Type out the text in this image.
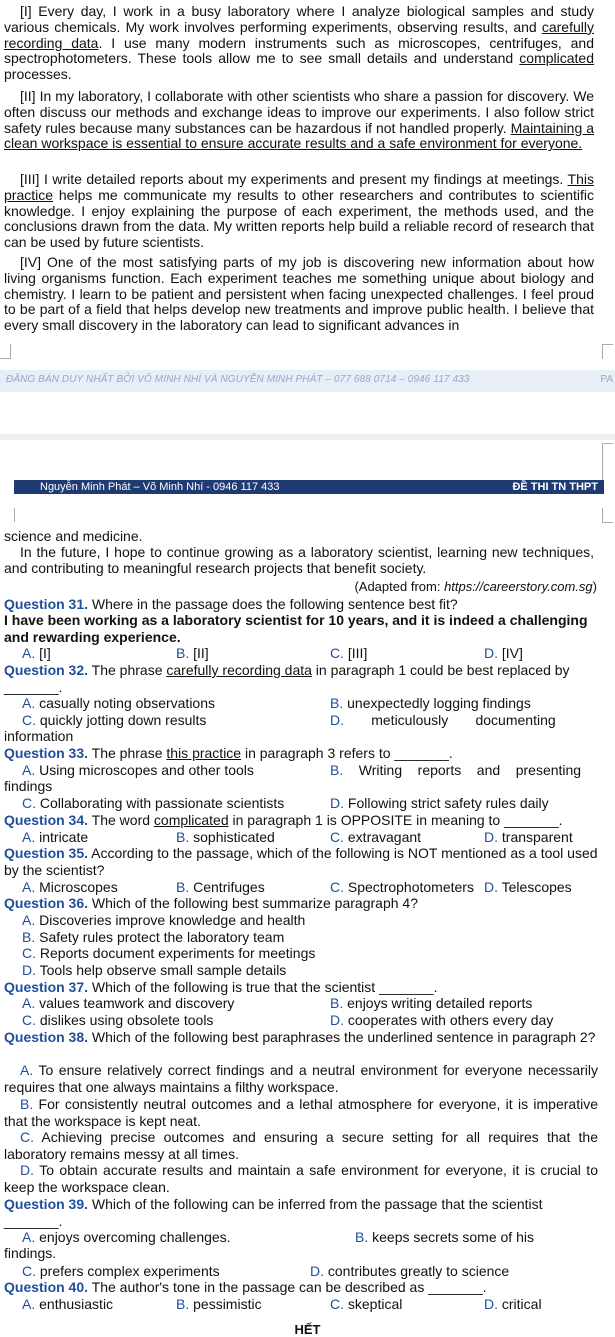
[I] Every day, I work in a busy laboratory where I analyze biological samples and study various chemicals. My work involves performing experiments, observing results, and carefully recording data. I use many modern instruments such as microscopes, centrifuges, and spectrophotometers. These tools allow me to see small details and understand complicated processes.

[II] In my laboratory, I collaborate with other scientists who share a passion for discovery. We often discuss our methods and exchange ideas to improve our experiments. I also follow strict safety rules because many substances can be hazardous if not handled properly. Maintaining a clean workspace is essential to ensure accurate results and a safe environment for everyone.

[III] I write detailed reports about my experiments and present my findings at meetings. This practice helps me communicate my results to other researchers and contributes to scientific knowledge. I enjoy explaining the purpose of each experiment, the methods used, and the conclusions drawn from the data. My written reports help build a reliable record of research that can be used by future scientists.

[IV] One of the most satisfying parts of my job is discovering new information about how living organisms function. Each experiment teaches me something unique about biology and chemistry. I learn to be patient and persistent when facing unexpected challenges. I feel proud to be part of a field that helps develop new treatments and improve public health. I believe that every small discovery in the laboratory can lead to significant advances in

ĐĂNG BÁN DUY NHẤT BỞI VÕ MINH NHÍ VÀ NGUYỄN MINH PHÁT – 077 688 0714 – 0946 117 433	PA
Nguyễn Minh Phát – Võ Minh Nhí - 0946 117 433	ĐỀ THI TN THPT

science and medicine.

In the future, I hope to continue growing as a laboratory scientist, learning new techniques, and contributing to meaningful research projects that benefit society.

(Adapted from: https://careerstory.com.sg)

Question 31. Where in the passage does the following sentence best fit?

I have been working as a laboratory scientist for 10 years, and it is indeed a challenging and rewarding experience.

A. [I]	B. [II]	C. [III]	D. [IV]

Question 32. The phrase carefully recording data in paragraph 1 could be best replaced by
_______.

A. casually noting observations	B. unexpectedly logging findings
C. quickly jotting down results	D.       meticulously       documenting
information

Question 33. The phrase this practice in paragraph 3 refers to _______.

A. Using microscopes and other tools	B.    Writing    reports    and    presenting
findings
C. Collaborating with passionate scientists	D. Following strict safety rules daily

Question 34. The word complicated in paragraph 1 is OPPOSITE in meaning to _______.

A. intricate	B. sophisticated	C. extravagant	D. transparent

Question 35. According to the passage, which of the following is NOT mentioned as a tool used by the scientist?

A. Microscopes	B. Centrifuges	C. Spectrophotometers D. Telescopes

Question 36. Which of the following best summarize paragraph 4?

A. Discoveries improve knowledge and health
B. Safety rules protect the laboratory team
C. Reports document experiments for meetings
D. Tools help observe small sample details

Question 37. Which of the following is true that the scientist _______.

A. values teamwork and discovery	B. enjoys writing detailed reports
C. dislikes using obsolete tools	D. cooperates with others every day

Question 38. Which of the following best paraphrases the underlined sentence in paragraph 2?

A. To ensure relatively correct findings and a neutral environment for everyone necessarily requires that one always maintains a filthy workspace.

B. For consistently neutral outcomes and a lethal atmosphere for everyone, it is imperative that the workspace is kept neat.

C. Achieving precise outcomes and ensuring a secure setting for all requires that the laboratory remains messy at all times.

D. To obtain accurate results and maintain a safe environment for everyone, it is crucial to keep the workspace clean.

Question 39. Which of the following can be inferred from the passage that the scientist
_______.

A. enjoys overcoming challenges.	B. keeps secrets some of his
findings.
C. prefers complex experiments	D. contributes greatly to science

Question 40. The author's tone in the passage can be described as _______.

A. enthusiastic	B. pessimistic	C. skeptical	D. critical
HẾT
